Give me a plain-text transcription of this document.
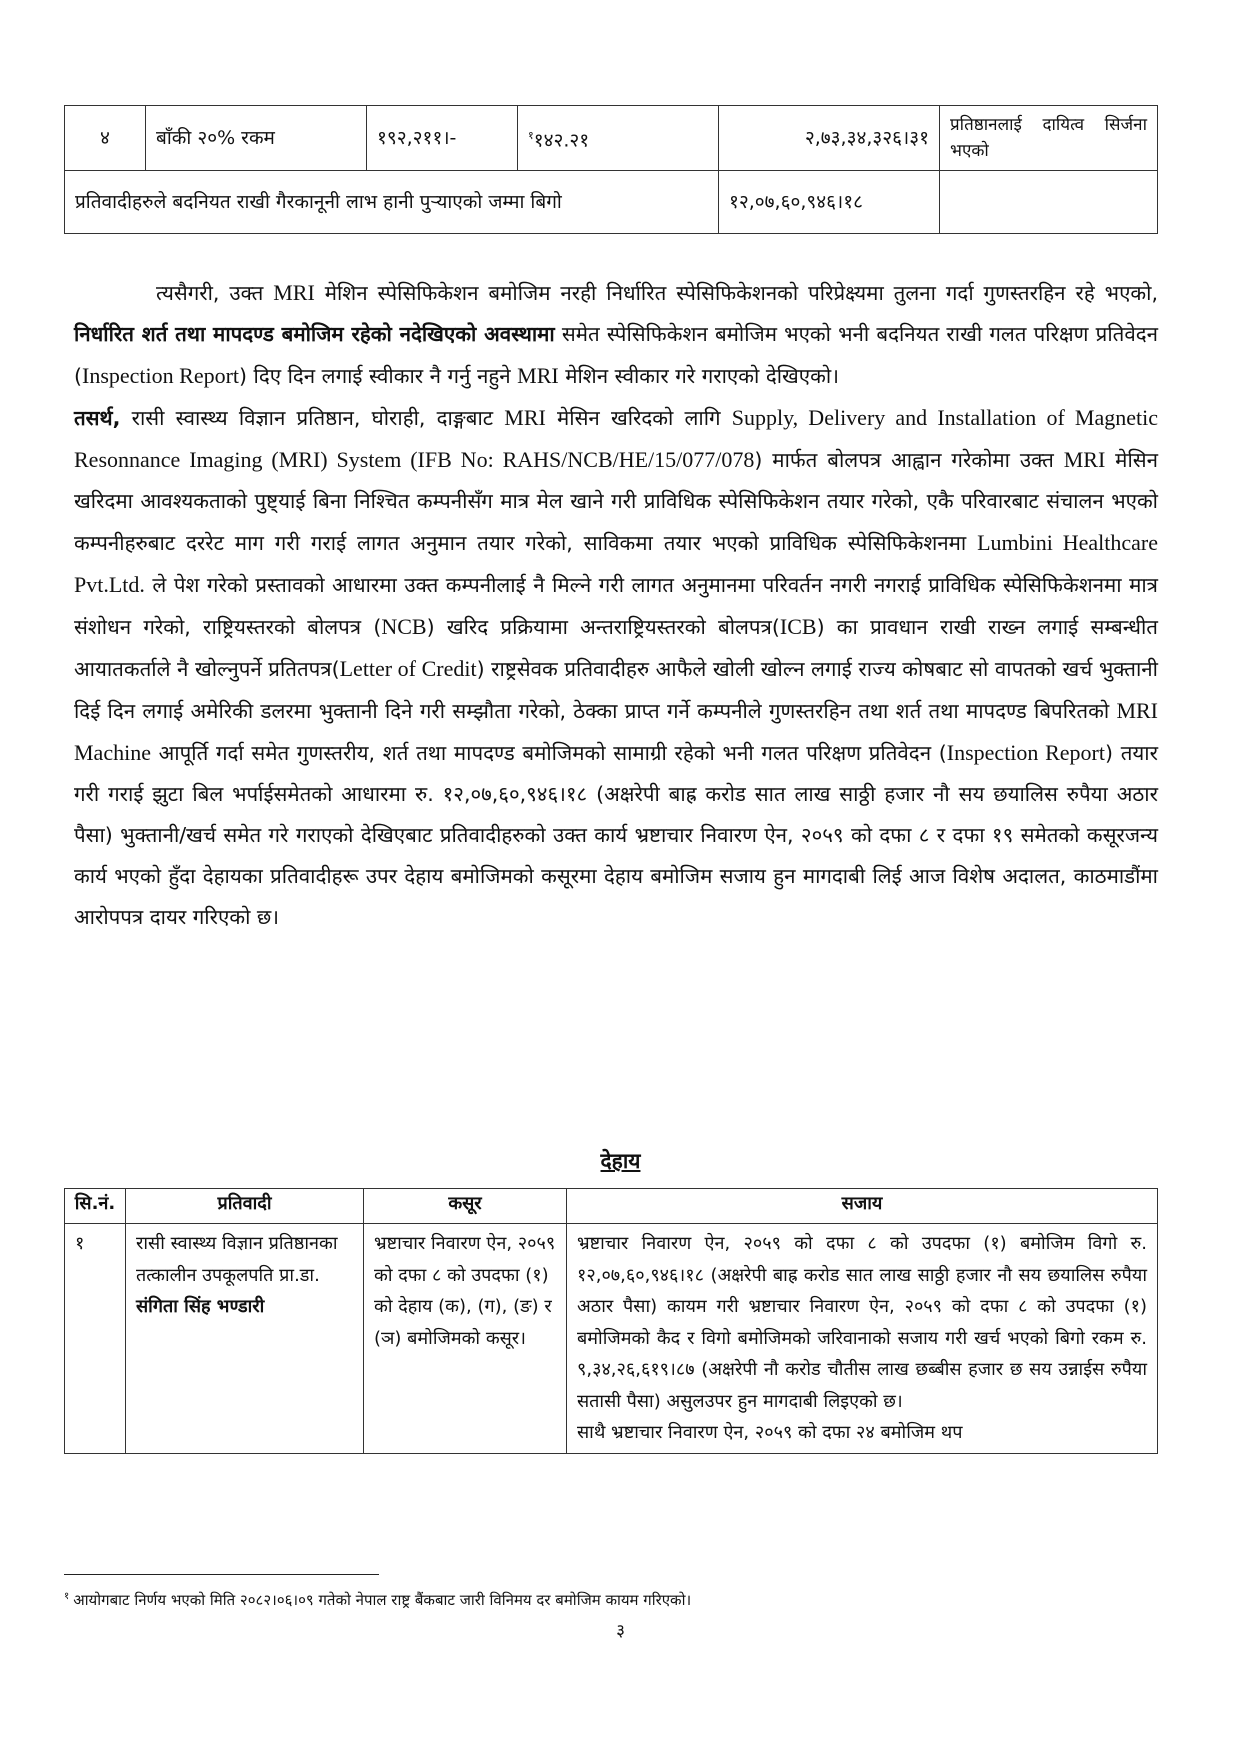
४	बाँकी २०% रकम	१९२,२११।-	$^१$१४२.२१	२,७३,३४,३२६।३१	प्रतिष्ठानलाई दायित्व सिर्जना
भएको

प्रतिवादीहरुले बदनियत राखी गैरकानूनी लाभ हानी पुर्‍याएको जम्मा बिगो				१२,०७,६०,९४६।१८	

त्यसैगरी, उक्त MRI मेशिन स्पेसिफिकेशन बमोजिम नरही निर्धारित स्पेसिफिकेशनको परिप्रेक्ष्यमा तुलना गर्दा गुणस्तरहिन रहे भएको, निर्धारित शर्त तथा मापदण्ड बमोजिम रहेको नदेखिएको अवस्थामा समेत स्पेसिफिकेशन बमोजिम भएको भनी बदनियत राखी गलत परिक्षण प्रतिवेदन (Inspection Report) दिए दिन लगाई स्वीकार नै गर्नु नहुने MRI मेशिन स्वीकार गरे गराएको देखिएको।

तसर्थ, रासी स्वास्थ्य विज्ञान प्रतिष्ठान, घोराही, दाङ्गबाट MRI मेसिन खरिदको लागि Supply, Delivery and Installation of Magnetic Resonnance Imaging (MRI) System (IFB No: RAHS/NCB/HE/15/077/078) मार्फत बोलपत्र आह्वान गरेकोमा उक्त MRI मेसिन खरिदमा आवश्यकताको पुष्ट्याई बिना निश्चित कम्पनीसँग मात्र मेल खाने गरी प्राविधिक स्पेसिफिकेशन तयार गरेको, एकै परिवारबाट संचालन भएको कम्पनीहरुबाट दररेट माग गरी गराई लागत अनुमान तयार गरेको, साविकमा तयार भएको प्राविधिक स्पेसिफिकेशनमा Lumbini Healthcare Pvt.Ltd. ले पेश गरेको प्रस्तावको आधारमा उक्त कम्पनीलाई नै मिल्ने गरी लागत अनुमानमा परिवर्तन नगरी नगराई प्राविधिक स्पेसिफिकेशनमा मात्र संशोधन गरेको, राष्ट्रियस्तरको बोलपत्र (NCB) खरिद प्रक्रियामा अन्तराष्ट्रियस्तरको बोलपत्र(ICB) का प्रावधान राखी राख्न लगाई सम्बन्धीत आयातकर्ताले नै खोल्नुपर्ने प्रतितपत्र(Letter of Credit) राष्ट्रसेवक प्रतिवादीहरु आफैले खोली खोल्न लगाई राज्य कोषबाट सो वापतको खर्च भुक्तानी दिई दिन लगाई अमेरिकी डलरमा भुक्तानी दिने गरी सम्झौता गरेको, ठेक्का प्राप्त गर्ने कम्पनीले गुणस्तरहिन तथा शर्त तथा मापदण्ड बिपरितको MRI Machine आपूर्ति गर्दा समेत गुणस्तरीय, शर्त तथा मापदण्ड बमोजिमको सामाग्री रहेको भनी गलत परिक्षण प्रतिवेदन (Inspection Report) तयार गरी गराई झुटा बिल भर्पाईसमेतको आधारमा रु. १२,०७,६०,९४६।१८ (अक्षरेपी बाह्र करोड सात लाख साठ्ठी हजार नौ सय छयालिस रुपैया अठार पैसा) भुक्तानी/खर्च समेत गरे गराएको देखिएबाट प्रतिवादीहरुको उक्त कार्य भ्रष्टाचार निवारण ऐन, २०५९ को दफा ८ र दफा १९ समेतको कसूरजन्य कार्य भएको हुँदा देहायका प्रतिवादीहरू उपर देहाय बमोजिमको कसूरमा देहाय बमोजिम सजाय हुन मागदाबी लिई आज विशेष अदालत, काठमाडौंमा आरोपपत्र दायर गरिएको छ।

देहाय
सि.नं.	प्रतिवादी	कसूर	सजाय
१	रासी स्वास्थ्य विज्ञान प्रतिष्ठानका तत्कालीन उपकूलपति प्रा.डा. संगिता सिंह भण्डारी	भ्रष्टाचार निवारण ऐन, २०५९ को दफा ८ को उपदफा (१) को देहाय (क), (ग), (ङ) र (ञ) बमोजिमको कसूर।	भ्रष्टाचार निवारण ऐन, २०५९ को दफा ८ को उपदफा (१) बमोजिम विगो रु. १२,०७,६०,९४६।१८ (अक्षरेपी बाह्र करोड सात लाख साठ्ठी हजार नौ सय छयालिस रुपैया अठार पैसा) कायम गरी भ्रष्टाचार निवारण ऐन, २०५९ को दफा ८ को उपदफा (१) बमोजिमको कैद र विगो बमोजिमको जरिवानाको सजाय गरी खर्च भएको बिगो रकम रु. ९,३४,२६,६१९।८७ (अक्षरेपी नौ करोड चौतीस लाख छब्बीस हजार छ सय उन्नाईस रुपैया सतासी पैसा) असुलउपर हुन मागदाबी लिइएको छ।
साथै भ्रष्टाचार निवारण ऐन, २०५९ को दफा २४ बमोजिम थप
$^१$ आयोगबाट निर्णय भएको मिति २०८२।०६।०९ गतेको नेपाल राष्ट्र बैंकबाट जारी विनिमय दर बमोजिम कायम गरिएको।
३
